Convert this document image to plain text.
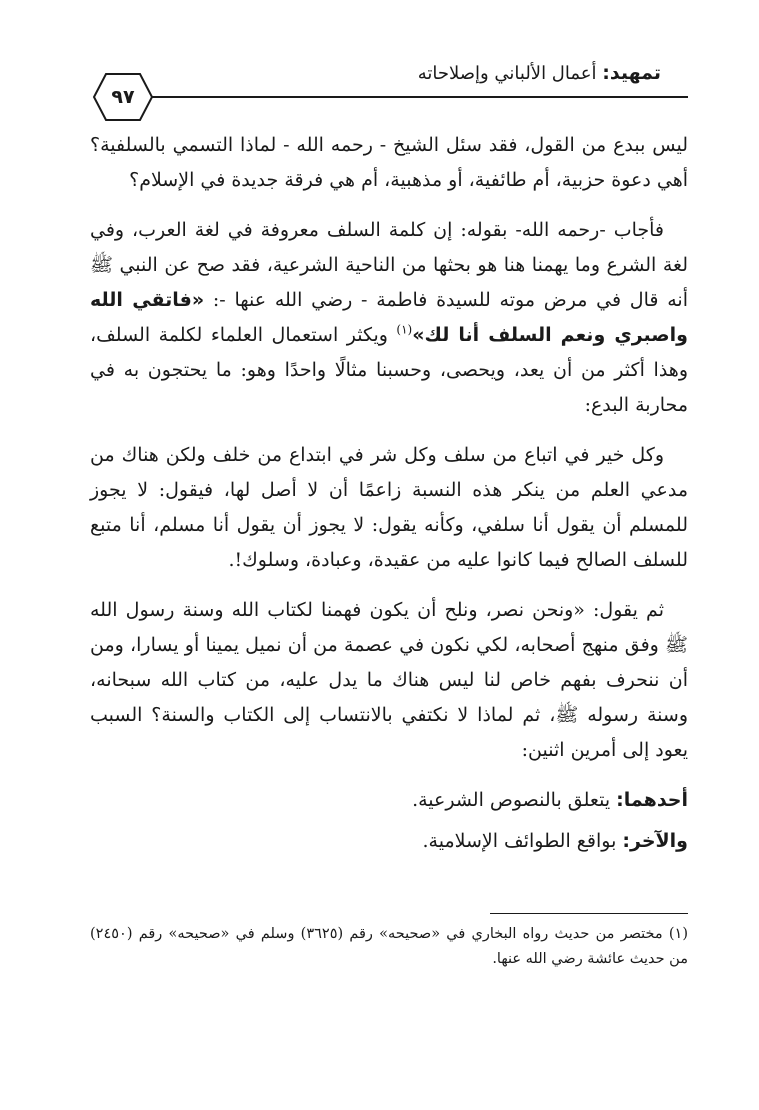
تمهيد: أعمال الألباني وإصلاحاته
٩٧

ليس ببدع من القول، فقد سئل الشيخ - رحمه الله - لماذا التسمي بالسلفية؟ أهي دعوة حزبية، أم طائفية، أو مذهبية، أم هي فرقة جديدة في الإسلام؟

فأجاب -رحمه الله- بقوله: إن كلمة السلف معروفة في لغة العرب، وفي لغة الشرع وما يهمنا هنا هو بحثها من الناحية الشرعية، فقد صح عن النبي ﷺ أنه قال في مرض موته للسيدة فاطمة - رضي الله عنها -: «فاتقي الله واصبري ونعم السلف أنا لك»$^{(١)}$ ويكثر استعمال العلماء لكلمة السلف، وهذا أكثر من أن يعد، ويحصى، وحسبنا مثالًا واحدًا وهو: ما يحتجون به في محاربة البدع:

وكل خير في اتباع من سلف وكل شر في ابتداع من خلف ولكن هناك من مدعي العلم من ينكر هذه النسبة زاعمًا أن لا أصل لها، فيقول: لا يجوز للمسلم أن يقول أنا سلفي، وكأنه يقول: لا يجوز أن يقول أنا مسلم، أنا متبع للسلف الصالح فيما كانوا عليه من عقيدة، وعبادة، وسلوك!.

ثم يقول: «ونحن نصر، ونلح أن يكون فهمنا لكتاب الله وسنة رسول الله ﷺ وفق منهج أصحابه، لكي نكون في عصمة من أن نميل يمينا أو يسارا، ومن أن ننحرف بفهم خاص لنا ليس هناك ما يدل عليه، من كتاب الله سبحانه، وسنة رسوله ﷺ، ثم لماذا لا نكتفي بالانتساب إلى الكتاب والسنة؟ السبب يعود إلى أمرين اثنين:

أحدهما: يتعلق بالنصوص الشرعية.

والآخر: بواقع الطوائف الإسلامية.

(١) مختصر من حديث رواه البخاري في «صحيحه» رقم (٣٦٢٥) وسلم في «صحيحه» رقم (٢٤٥٠) من حديث عائشة رضي الله عنها.
